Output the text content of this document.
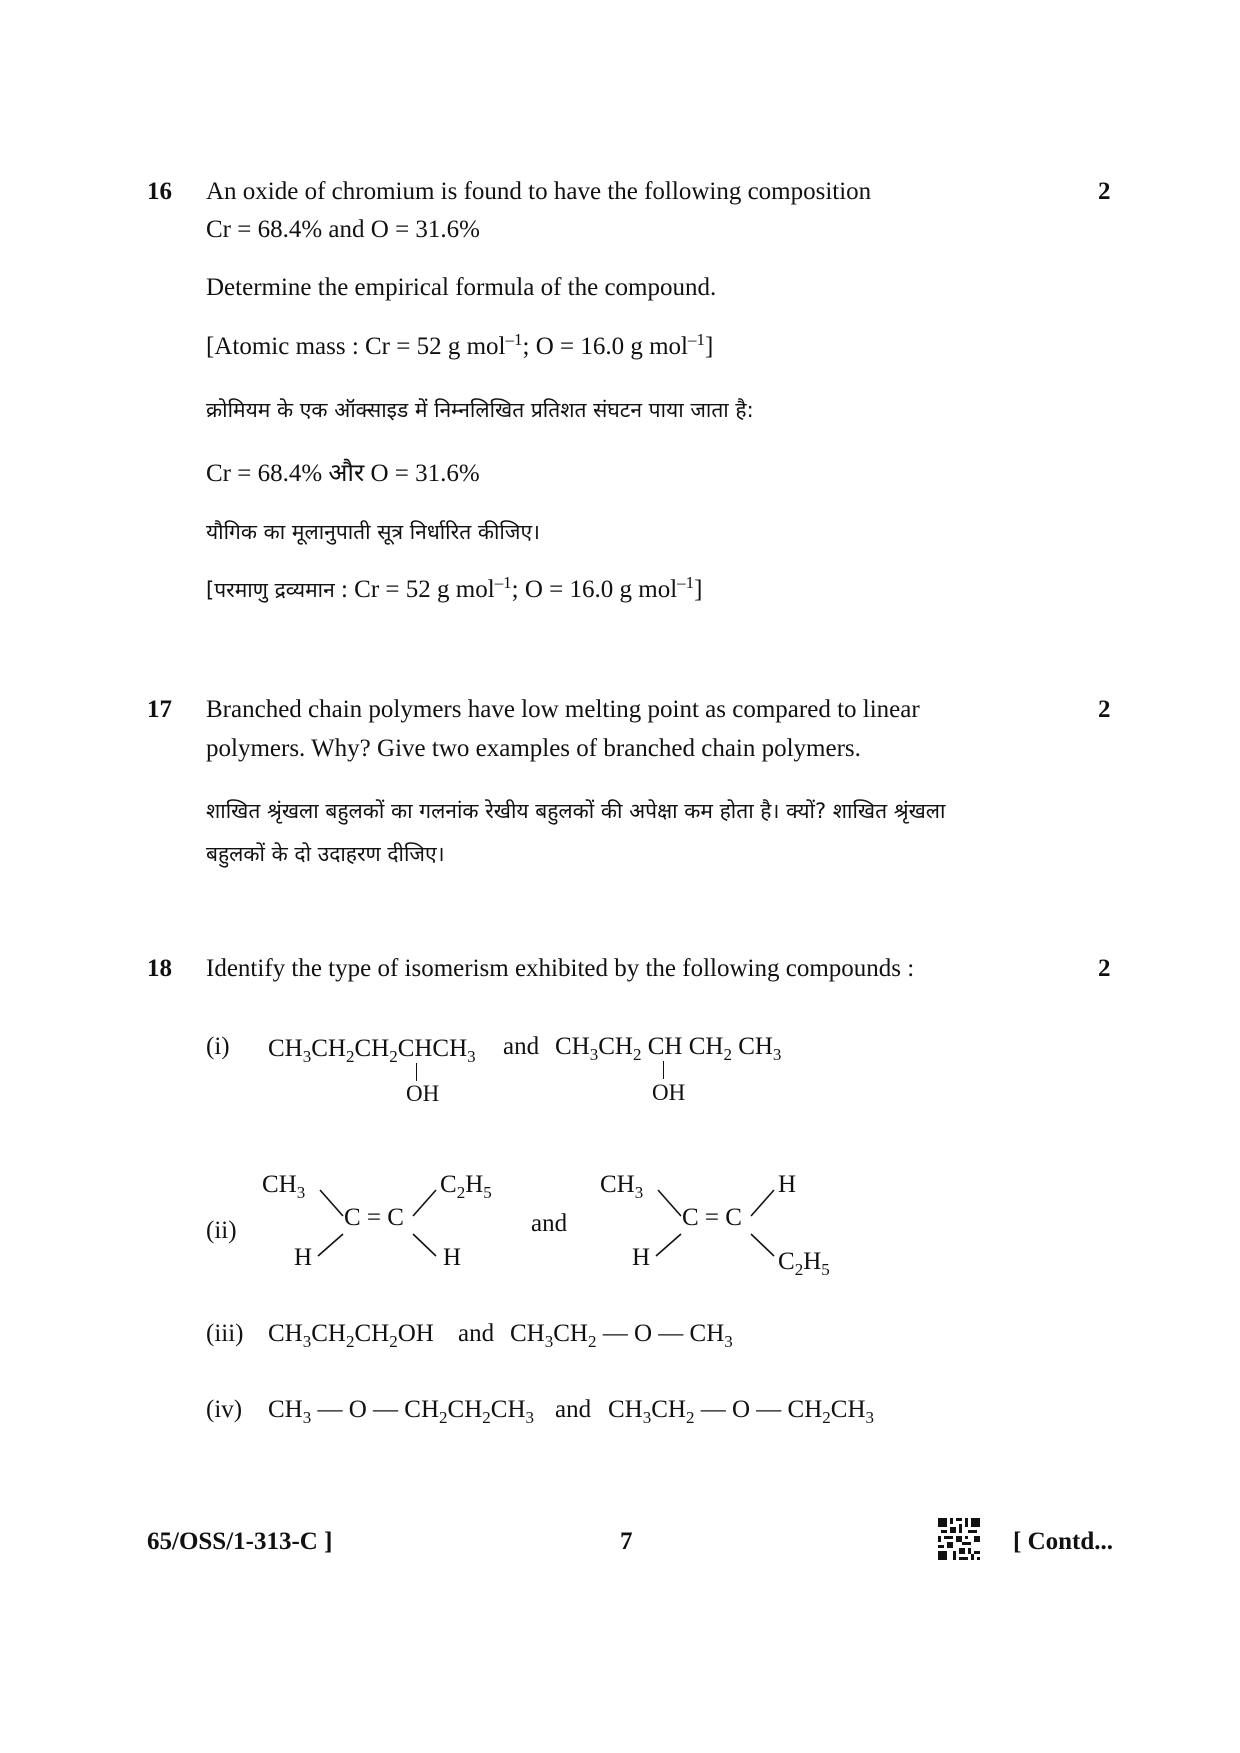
16	2
An oxide of chromium is found to have the following composition
Cr = 68.4% and O = 31.6%
Determine the empirical formula of the compound.
[Atomic mass : Cr = 52 g mol$^{-1}$; O = 16.0 g mol$^{-1}$]
क्रोमियम के एक ऑक्साइड में निम्नलिखित प्रतिशत संघटन पाया जाता है:
Cr = 68.4% और O = 31.6%
यौगिक का मूलानुपाती सूत्र निर्धारित कीजिए।
[परमाणु द्रव्यमान : Cr = 52 g mol$^{-1}$; O = 16.0 g mol$^{-1}$]
17	2
Branched chain polymers have low melting point as compared to linear
polymers. Why? Give two examples of branched chain polymers.
शाखित श्रृंखला बहुलकों का गलनांक रेखीय बहुलकों की अपेक्षा कम होता है। क्यों? शाखित श्रृंखला
बहुलकों के दो उदाहरण दीजिए।
18	2
Identify the type of isomerism exhibited by the following compounds :
(i) $CH_3CH_2CH_2CHCH_3$
OH
and $CH_3CH_2$ CH $CH_2$ $CH_3$
OH
(ii)
$CH_3$	$C_2H_5$
C = C
H	H
and
$CH_3$	H
C = C
H	$C_2H_5$
(iii) $CH_3CH_2CH_2OH$ and $CH_3CH_2$ — O — $CH_3$
(iv) $CH_3$ — O — $CH_2CH_2CH_3$ and $CH_3CH_2$ — O — $CH_2CH_3$
65/OSS/1-313-C ]	7	[ Contd...
